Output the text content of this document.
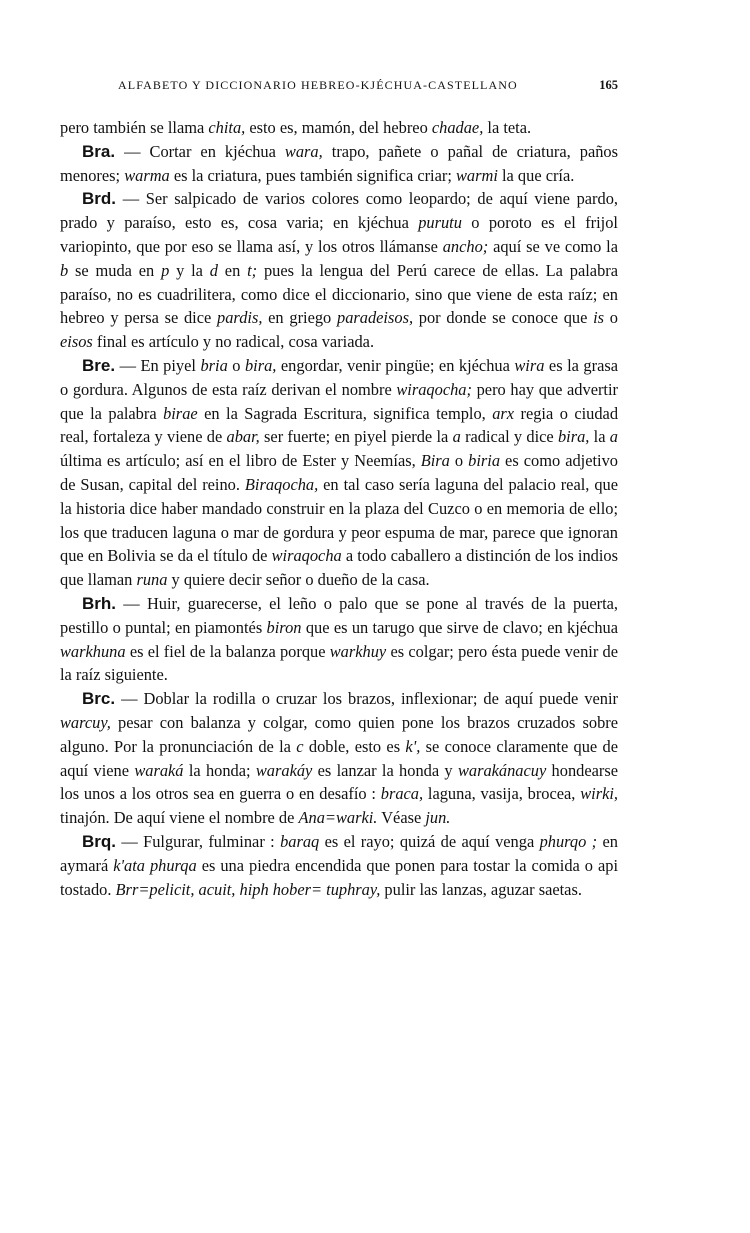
ALFABETO Y DICCIONARIO HEBREO-KJÉCHUA-CASTELLANO	165

pero también se llama chita, esto es, mamón, del hebreo chadae, la teta.

Bra. — Cortar en kjéchua wara, trapo, pañete o pañal de criatura, paños menores; warma es la criatura, pues también significa criar; warmi la que cría.

Brd. — Ser salpicado de varios colores como leopardo; de aquí viene pardo, prado y paraíso, esto es, cosa varia; en kjéchua purutu o poroto es el frijol variopinto, que por eso se llama así, y los otros llámanse ancho; aquí se ve como la b se muda en p y la d en t; pues la lengua del Perú carece de ellas. La palabra paraíso, no es cuadrilitera, como dice el diccionario, sino que viene de esta raíz; en hebreo y persa se dice pardis, en griego paradeisos, por donde se conoce que is o eisos final es artículo y no radical, cosa variada.

Bre. — En piyel bria o bira, engordar, venir pingüe; en kjéchua wira es la grasa o gordura. Algunos de esta raíz derivan el nombre wiraqocha; pero hay que advertir que la palabra birae en la Sagrada Escritura, significa templo, arx regia o ciudad real, fortaleza y viene de abar, ser fuerte; en piyel pierde la a radical y dice bira, la a última es artículo; así en el libro de Ester y Neemías, Bira o biria es como adjetivo de Susan, capital del reino. Biraqocha, en tal caso sería laguna del palacio real, que la historia dice haber mandado construir en la plaza del Cuzco o en memoria de ello; los que traducen laguna o mar de gordura y peor espuma de mar, parece que ignoran que en Bolivia se da el título de wiraqocha a todo caballero a distinción de los indios que llaman runa y quiere decir señor o dueño de la casa.

Brh. — Huir, guarecerse, el leño o palo que se pone al través de la puerta, pestillo o puntal; en piamontés biron que es un tarugo que sirve de clavo; en kjéchua warkhuna es el fiel de la balanza porque warkhuy es colgar; pero ésta puede venir de la raíz siguiente.

Brc. — Doblar la rodilla o cruzar los brazos, inflexionar; de aquí puede venir warcuy, pesar con balanza y colgar, como quien pone los brazos cruzados sobre alguno. Por la pronunciación de la c doble, esto es k', se conoce claramente que de aquí viene waraká la honda; warakáy es lanzar la honda y warakánacuy hondearse los unos a los otros sea en guerra o en desafío : braca, laguna, vasija, brocea, wirki, tinajón. De aquí viene el nombre de Ana=warki. Véase jun.

Brq. — Fulgurar, fulminar : baraq es el rayo; quizá de aquí venga phurqo ; en aymará k'ata phurqa es una piedra encendida que ponen para tostar la comida o api tostado. Brr=pelicit, acuit, hiph hober= tuphray, pulir las lanzas, aguzar saetas.
